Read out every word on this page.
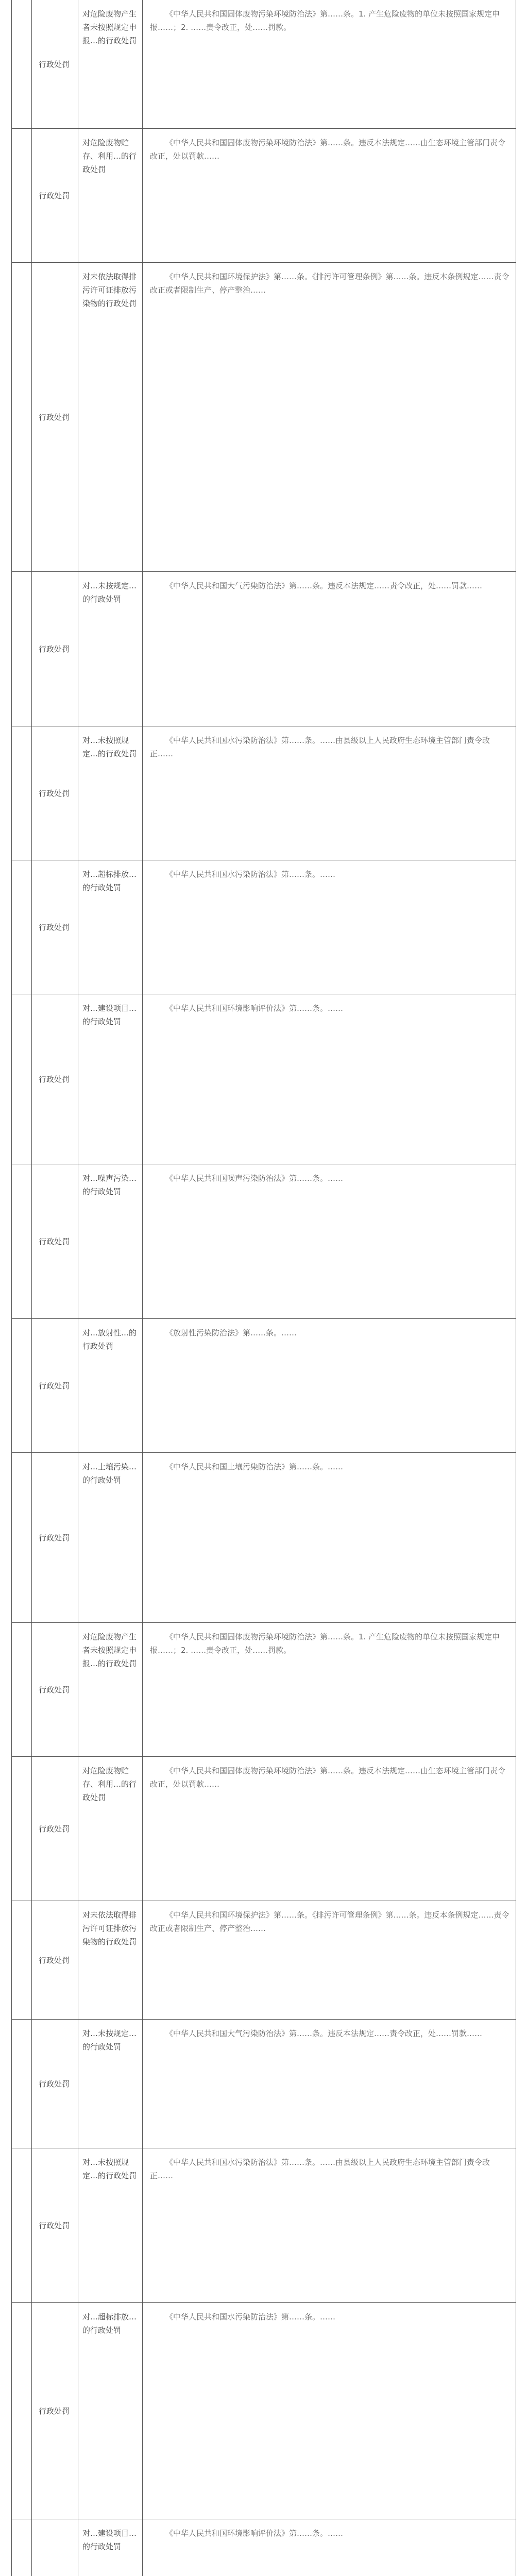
行政处罚
对危险废物产生者未按照规定申报…的行政处罚
《中华人民共和国固体废物污染环境防治法》第……条。1. 产生危险废物的单位未按照国家规定申报……；2. ……责令改正，处……罚款。
行政处罚
对危险废物贮存、利用…的行政处罚
《中华人民共和国固体废物污染环境防治法》第……条。违反本法规定……由生态环境主管部门责令改正，处以罚款……
行政处罚
对未依法取得排污许可证排放污染物的行政处罚
《中华人民共和国环境保护法》第……条。《排污许可管理条例》第……条。违反本条例规定……责令改正或者限制生产、停产整治……
行政处罚
对…未按规定…的行政处罚
《中华人民共和国大气污染防治法》第……条。违反本法规定……责令改正，处……罚款……
行政处罚
对…未按照规定…的行政处罚
《中华人民共和国水污染防治法》第……条。……由县级以上人民政府生态环境主管部门责令改正……
行政处罚
对…超标排放…的行政处罚
《中华人民共和国水污染防治法》第……条。……
行政处罚
对…建设项目…的行政处罚
《中华人民共和国环境影响评价法》第……条。……
行政处罚
对…噪声污染…的行政处罚
《中华人民共和国噪声污染防治法》第……条。……
行政处罚
对…放射性…的行政处罚
《放射性污染防治法》第……条。……
行政处罚
对…土壤污染…的行政处罚
《中华人民共和国土壤污染防治法》第……条。……
行政处罚
对危险废物产生者未按照规定申报…的行政处罚
《中华人民共和国固体废物污染环境防治法》第……条。1. 产生危险废物的单位未按照国家规定申报……；2. ……责令改正，处……罚款。
行政处罚
对危险废物贮存、利用…的行政处罚
《中华人民共和国固体废物污染环境防治法》第……条。违反本法规定……由生态环境主管部门责令改正，处以罚款……
行政处罚
对未依法取得排污许可证排放污染物的行政处罚
《中华人民共和国环境保护法》第……条。《排污许可管理条例》第……条。违反本条例规定……责令改正或者限制生产、停产整治……
行政处罚
对…未按规定…的行政处罚
《中华人民共和国大气污染防治法》第……条。违反本法规定……责令改正，处……罚款……
行政处罚
对…未按照规定…的行政处罚
《中华人民共和国水污染防治法》第……条。……由县级以上人民政府生态环境主管部门责令改正……
行政处罚
对…超标排放…的行政处罚
《中华人民共和国水污染防治法》第……条。……
对…建设项目…的行政处罚
《中华人民共和国环境影响评价法》第……条。……
